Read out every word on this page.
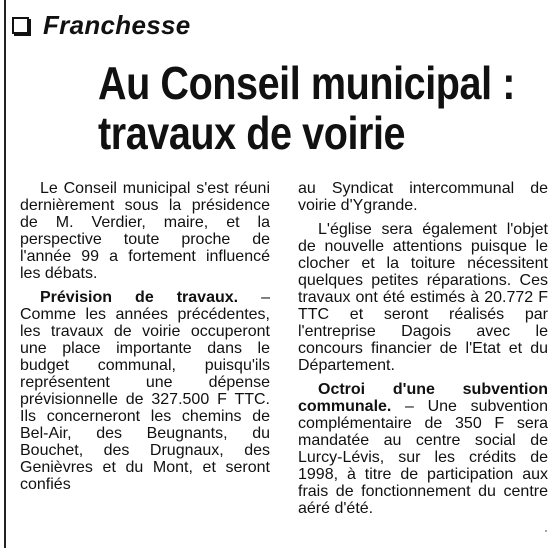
Franchesse
Au Conseil municipal :
travaux de voirie

Le Conseil municipal s'est réuni dernièrement sous la présidence de M. Verdier, maire, et la perspective toute proche de l'année 99 a fortement influencé les débats.

Prévision de travaux. – Comme les années précédentes, les travaux de voirie occuperont une place importante dans le budget communal, puisqu'ils représentent une dépense prévisionnelle de 327.500 F TTC. Ils concerneront les chemins de Bel-Air, des Beugnants, du Bouchet, des Drugnaux, des Genièvres et du Mont, et seront confiés

au Syndicat intercommunal de voirie d'Ygrande.

L'église sera également l'objet de nouvelle attentions puisque le clocher et la toiture nécessitent quelques petites réparations. Ces travaux ont été estimés à 20.772 F TTC et seront réalisés par l'entreprise Dagois avec le concours financier de l'Etat et du Département.

Octroi d'une subvention communale. – Une subvention complémentaire de 350 F sera mandatée au centre social de Lurcy-Lévis, sur les crédits de 1998, à titre de participation aux frais de fonctionnement du centre aéré d'été.
